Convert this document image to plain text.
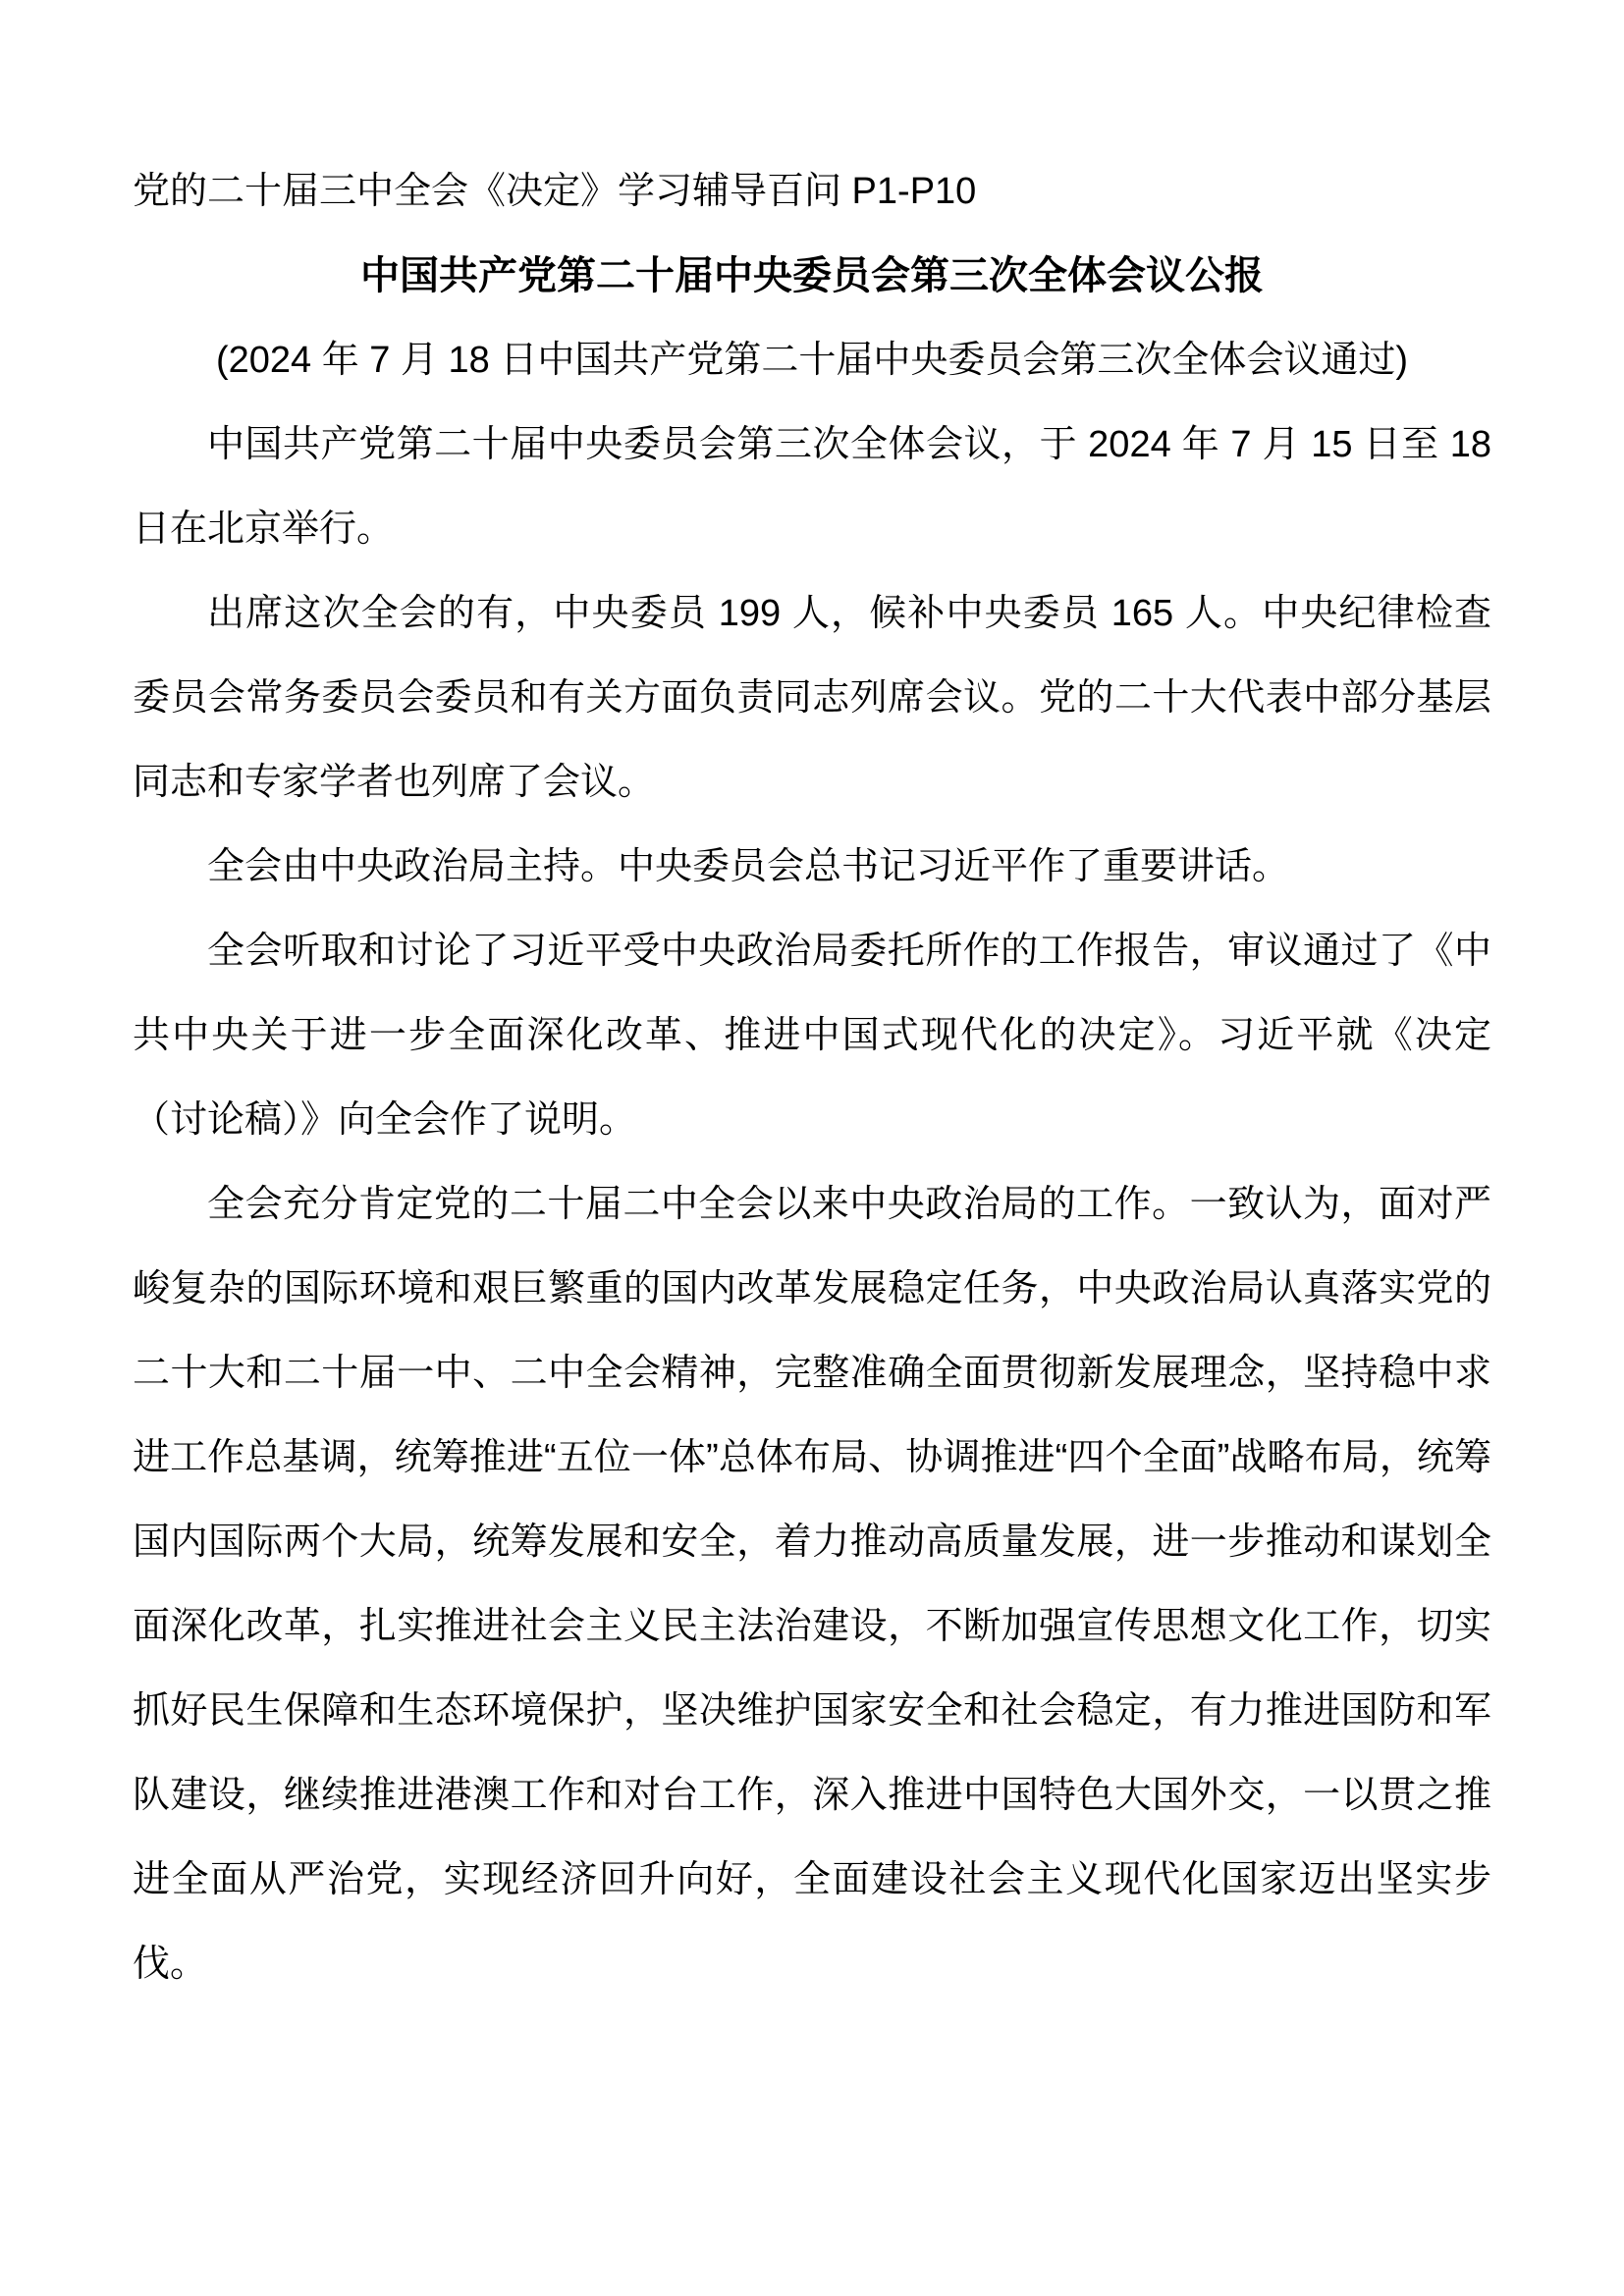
党的二十届三中全会《决定》学习辅导百问 P1-P10

中国共产党第二十届中央委员会第三次全体会议公报

(2024 年 7 月 18 日中国共产党第二十届中央委员会第三次全体会议通过)

中国共产党第二十届中央委员会第三次全体会议，于 2024 年 7 月 15 日至 18 日在北京举行。

出席这次全会的有，中央委员 199 人，候补中央委员 165 人。中央纪律检查委员会常务委员会委员和有关方面负责同志列席会议。党的二十大代表中部分基层同志和专家学者也列席了会议。

全会由中央政治局主持。中央委员会总书记习近平作了重要讲话。

全会听取和讨论了习近平受中央政治局委托所作的工作报告，审议通过了《中共中央关于进一步全面深化改革、推进中国式现代化的决定》。习近平就《决定（讨论稿）》向全会作了说明。

全会充分肯定党的二十届二中全会以来中央政治局的工作。一致认为，面对严峻复杂的国际环境和艰巨繁重的国内改革发展稳定任务，中央政治局认真落实党的二十大和二十届一中、二中全会精神，完整准确全面贯彻新发展理念，坚持稳中求进工作总基调，统筹推进“五位一体”总体布局、协调推进“四个全面”战略布局，统筹国内国际两个大局，统筹发展和安全，着力推动高质量发展，进一步推动和谋划全面深化改革，扎实推进社会主义民主法治建设，不断加强宣传思想文化工作，切实抓好民生保障和生态环境保护，坚决维护国家安全和社会稳定，有力推进国防和军队建设，继续推进港澳工作和对台工作，深入推进中国特色大国外交，一以贯之推进全面从严治党，实现经济回升向好，全面建设社会主义现代化国家迈出坚实步伐。
